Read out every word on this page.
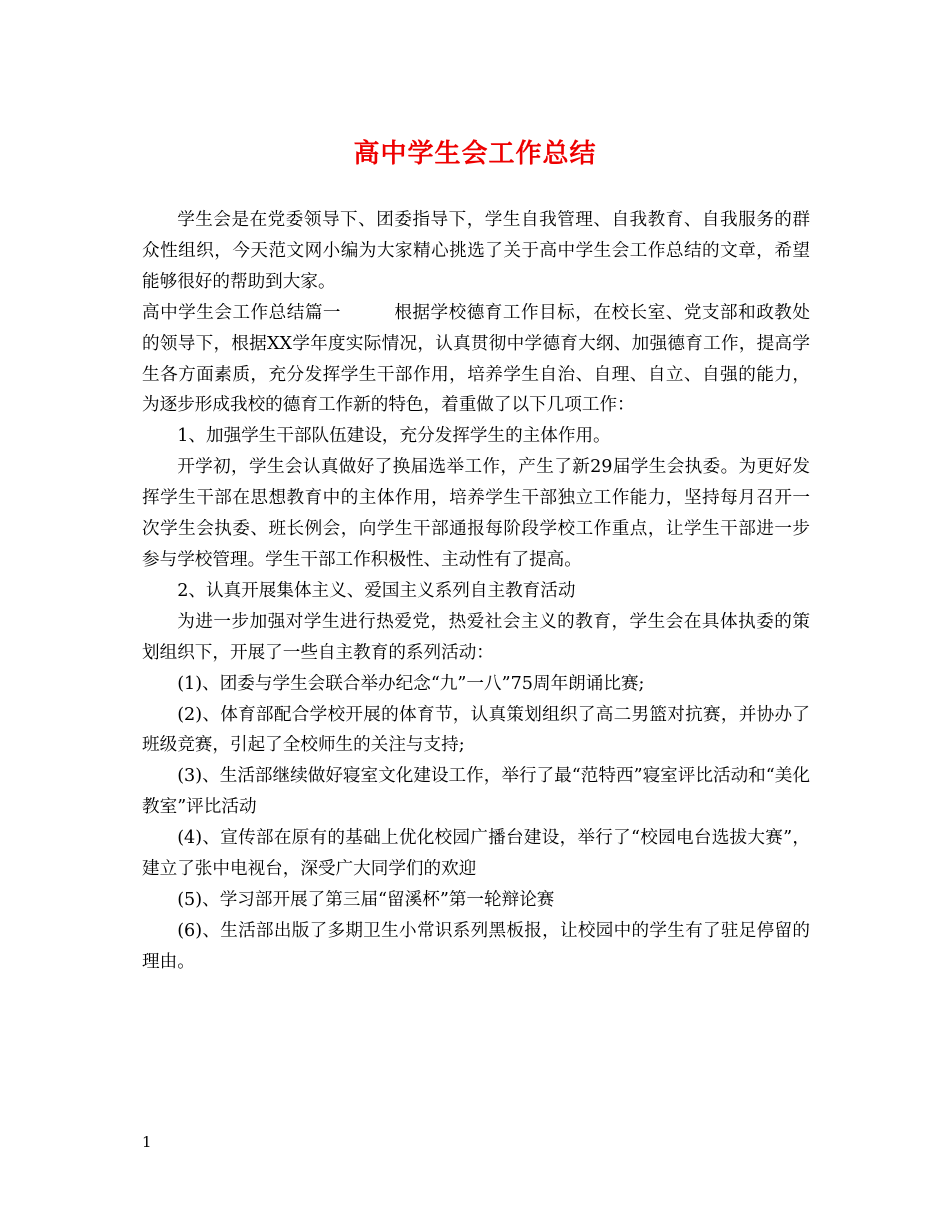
高中学生会工作总结

学生会是在党委领导下、团委指导下，学生自我管理、自我教育、自我服务的群众性组织，今天范文网小编为大家精心挑选了关于高中学生会工作总结的文章，希望能够很好的帮助到大家。

高中学生会工作总结篇一	根据学校德育工作目标，在校长室、党支部和政教处的领导下，根据XX学年度实际情况，认真贯彻中学德育大纲、加强德育工作，提高学生各方面素质，充分发挥学生干部作用，培养学生自治、自理、自立、自强的能力，为逐步形成我校的德育工作新的特色，着重做了以下几项工作：

1、加强学生干部队伍建设，充分发挥学生的主体作用。

开学初，学生会认真做好了换届选举工作，产生了新29届学生会执委。为更好发挥学生干部在思想教育中的主体作用，培养学生干部独立工作能力，坚持每月召开一次学生会执委、班长例会，向学生干部通报每阶段学校工作重点，让学生干部进一步参与学校管理。学生干部工作积极性、主动性有了提高。

2、认真开展集体主义、爱国主义系列自主教育活动

为进一步加强对学生进行热爱党，热爱社会主义的教育，学生会在具体执委的策划组织下，开展了一些自主教育的系列活动：

(1)、团委与学生会联合举办纪念“九”一八”75周年朗诵比赛;

(2)、体育部配合学校开展的体育节，认真策划组织了高二男篮对抗赛，并协办了班级竞赛，引起了全校师生的关注与支持;

(3)、生活部继续做好寝室文化建设工作，举行了最“范特西”寝室评比活动和“美化教室”评比活动

(4)、宣传部在原有的基础上优化校园广播台建设，举行了“校园电台选拔大赛”，建立了张中电视台，深受广大同学们的欢迎

(5)、学习部开展了第三届“留溪杯”第一轮辩论赛

(6)、生活部出版了多期卫生小常识系列黑板报，让校园中的学生有了驻足停留的理由。

1
